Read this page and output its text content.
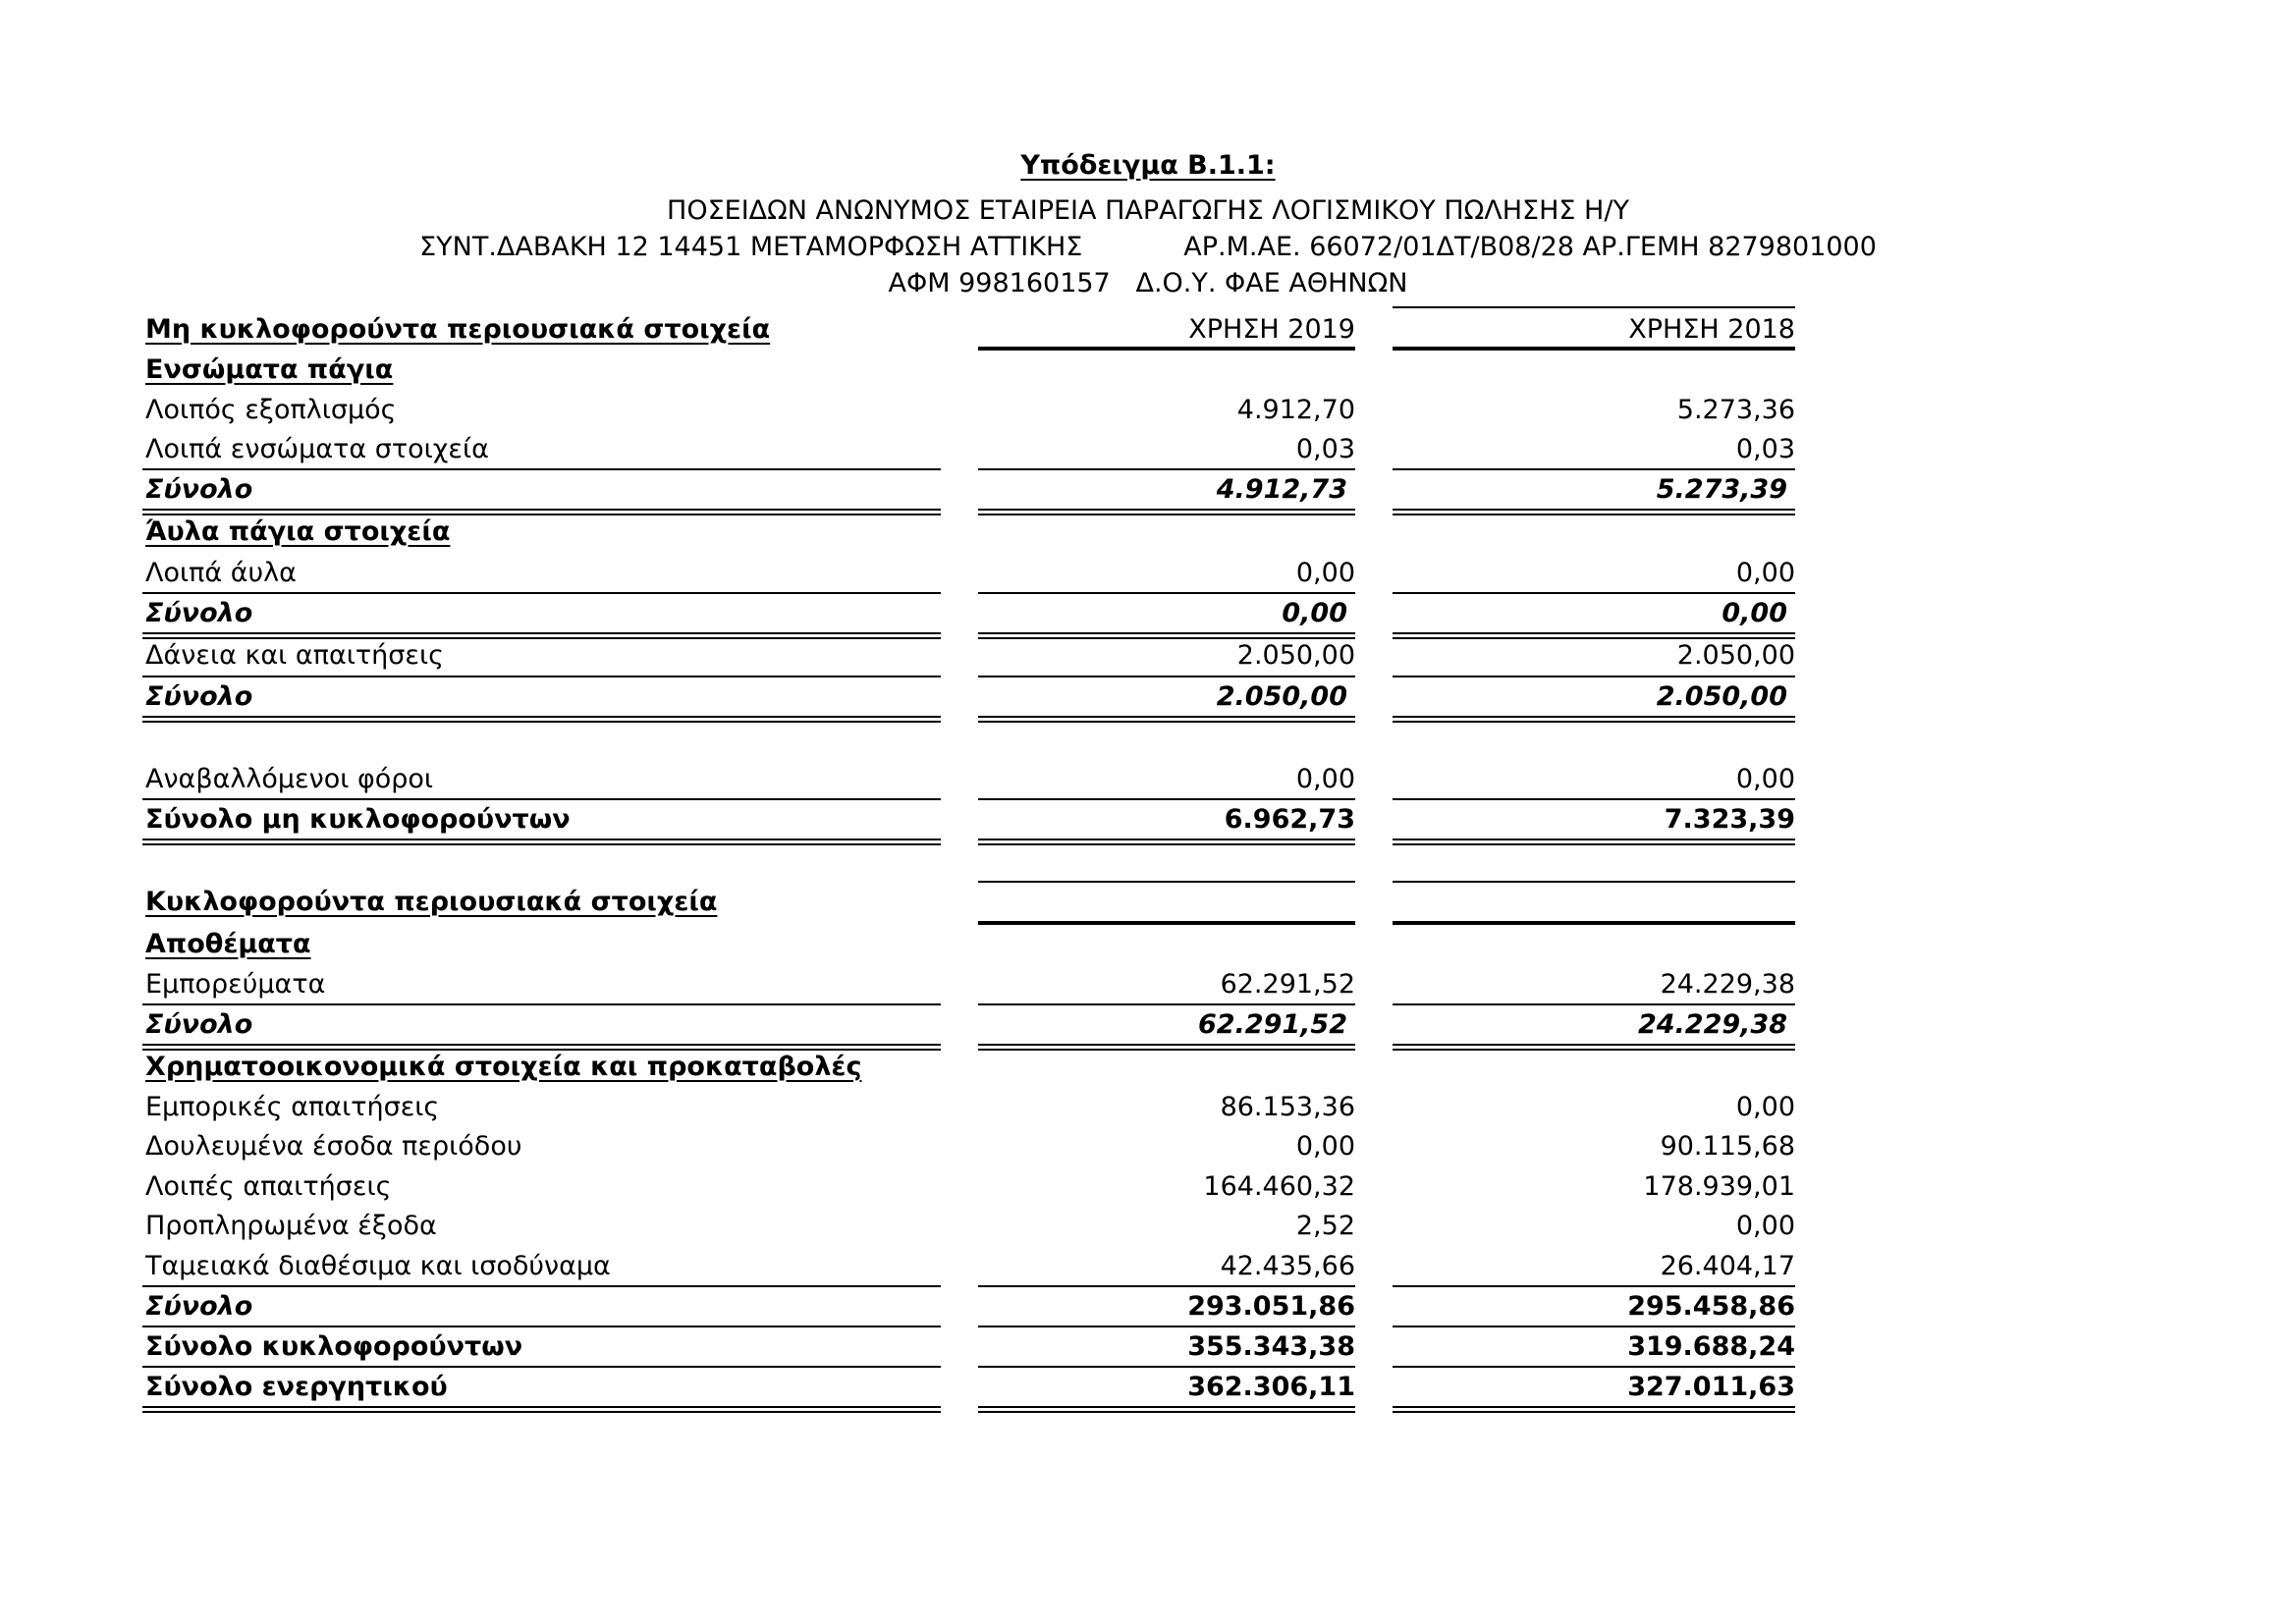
Υπόδειγμα Β.1.1:
ΠΟΣΕΙΔΩΝ ΑΝΩΝΥΜΟΣ ΕΤΑΙΡΕΙΑ ΠΑΡΑΓΩΓΗΣ ΛΟΓΙΣΜΙΚΟΥ ΠΩΛΗΣΗΣ Η/Υ
ΣΥΝΤ.ΔΑΒΑΚΗ 12 14451 ΜΕΤΑΜΟΡΦΩΣΗ ΑΤΤΙΚΗΣ            ΑΡ.Μ.ΑΕ. 66072/01ΔΤ/Β08/28 ΑΡ.ΓΕΜΗ 8279801000
ΑΦΜ 998160157   Δ.Ο.Υ. ΦΑΕ ΑΘΗΝΩΝ
Μη κυκλοφορούντα περιουσιακά στοιχεία	ΧΡΗΣΗ 2019	ΧΡΗΣΗ 2018
Ενσώματα πάγια
Λοιπός εξοπλισμός	4.912,70	5.273,36
Λοιπά ενσώματα στοιχεία	0,03	0,03
Σύνολο	4.912,73	5.273,39
Άυλα πάγια στοιχεία
Λοιπά άυλα	0,00	0,00
Σύνολο	0,00	0,00
Δάνεια και απαιτήσεις	2.050,00	2.050,00
Σύνολο	2.050,00	2.050,00
Αναβαλλόμενοι φόροι	0,00	0,00
Σύνολο μη κυκλοφορούντων	6.962,73	7.323,39
Κυκλοφορούντα περιουσιακά στοιχεία
Αποθέματα
Εμπορεύματα	62.291,52	24.229,38
Σύνολο	62.291,52	24.229,38
Χρηματοοικονομικά στοιχεία και προκαταβολές
Εμπορικές απαιτήσεις	86.153,36	0,00
Δουλευμένα έσοδα περιόδου	0,00	90.115,68
Λοιπές απαιτήσεις	164.460,32	178.939,01
Προπληρωμένα έξοδα	2,52	0,00
Ταμειακά διαθέσιμα και ισοδύναμα	42.435,66	26.404,17
Σύνολο	293.051,86	295.458,86
Σύνολο κυκλοφορούντων	355.343,38	319.688,24
Σύνολο ενεργητικού	362.306,11	327.011,63
